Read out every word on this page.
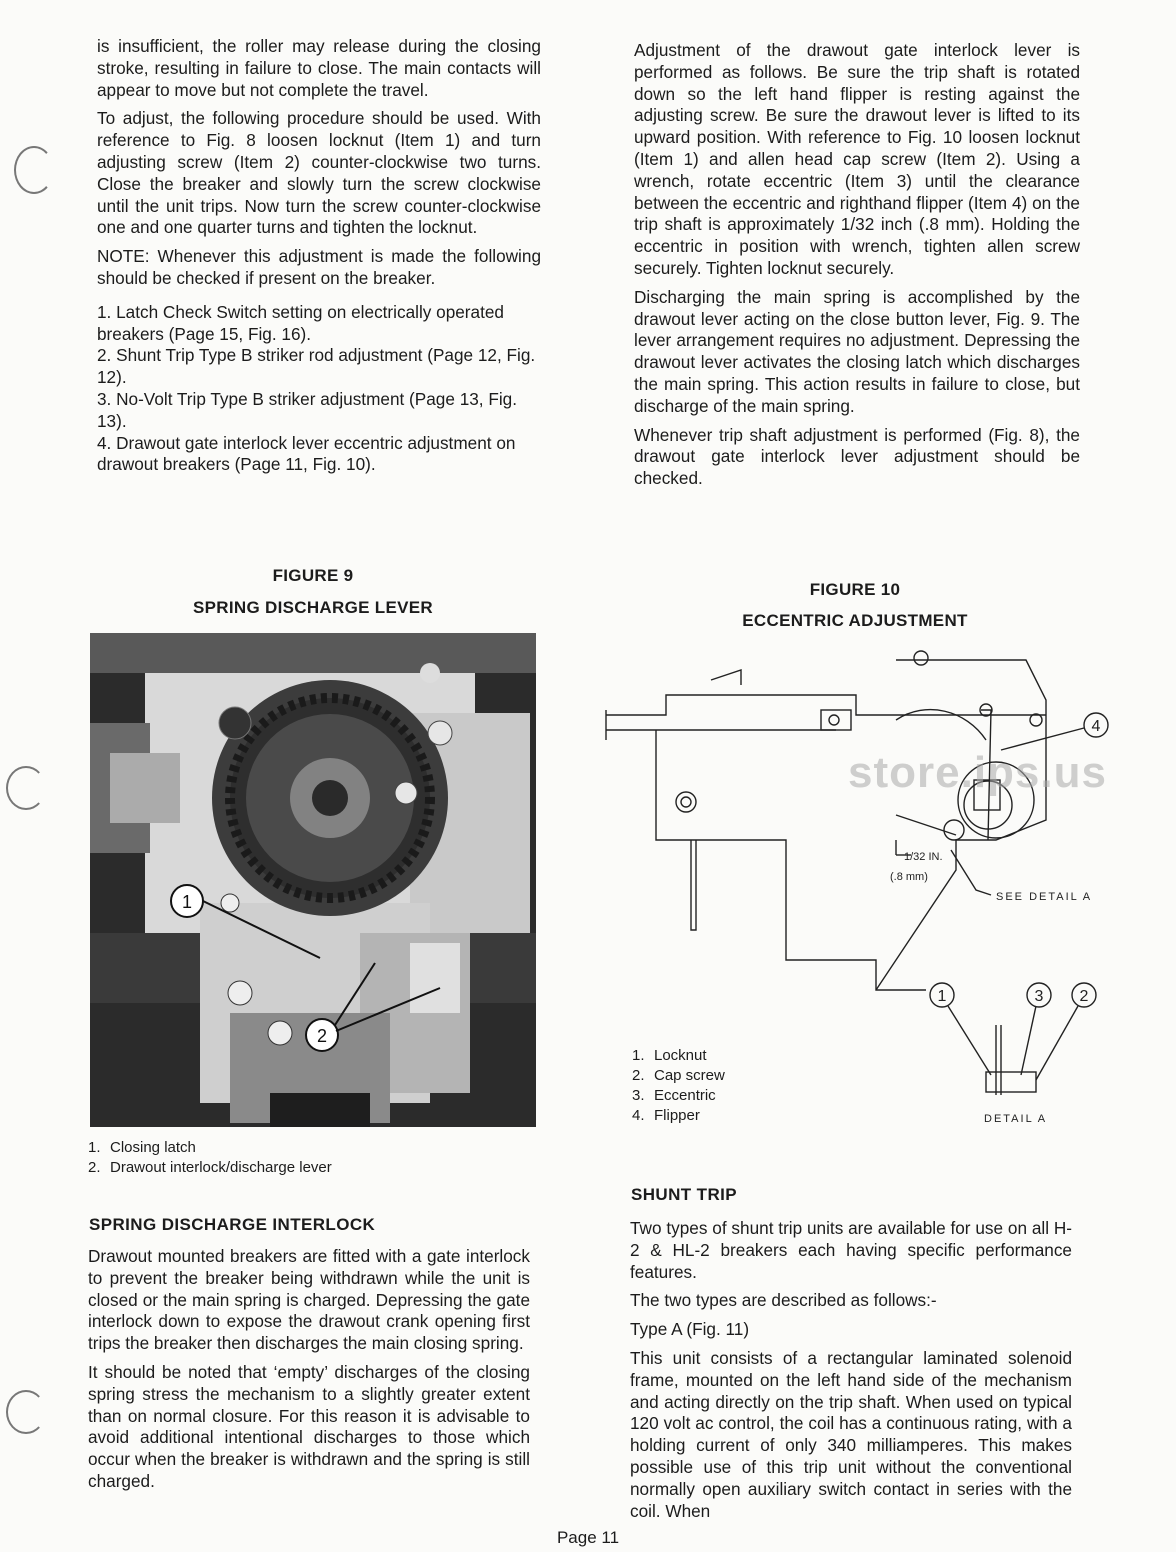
is insufficient, the roller may release during the closing stroke, resulting in failure to close. The main contacts will appear to move but not complete the travel.

To adjust, the following procedure should be used. With reference to Fig. 8 loosen locknut (Item 1) and turn adjusting screw (Item 2) counter-clockwise two turns. Close the breaker and slowly turn the screw clockwise until the unit trips. Now turn the screw counter-clockwise one and one quarter turns and tighten the locknut.

NOTE: Whenever this adjustment is made the following should be checked if present on the breaker.

1. Latch Check Switch setting on electrically operated breakers (Page 15, Fig. 16).

2. Shunt Trip Type B striker rod adjustment (Page 12, Fig. 12).

3. No-Volt Trip Type B striker adjustment (Page 13, Fig. 13).

4. Drawout gate interlock lever eccentric adjustment on drawout breakers (Page 11, Fig. 10).

Adjustment of the drawout gate interlock lever is performed as follows. Be sure the trip shaft is rotated down so the left hand flipper is resting against the adjusting screw. Be sure the drawout lever is lifted to its upward position. With reference to Fig. 10 loosen locknut (Item 1) and allen head cap screw (Item 2). Using a wrench, rotate eccentric (Item 3) until the clearance between the eccentric and righthand flipper (Item 4) on the trip shaft is approximately 1/32 inch (.8 mm). Holding the eccentric in position with wrench, tighten allen screw securely. Tighten locknut securely.

Discharging the main spring is accomplished by the drawout lever acting on the close button lever, Fig. 9. The lever arrangement requires no adjustment. Depressing the drawout lever activates the closing latch which discharges the main spring. This action results in failure to close, but discharge of the main spring.

Whenever trip shaft adjustment is performed (Fig. 8), the drawout gate interlock lever adjustment should be checked.

FIGURE 9
SPRING DISCHARGE LEVER
1
2
1. Closing latch
2. Drawout interlock/discharge lever
FIGURE 10
ECCENTRIC ADJUSTMENT
4
1/32 IN.
(.8 mm)
SEE DETAIL A
1	3 2
DETAIL A
store.ips.us
1. Locknut
2. Cap screw
3. Eccentric
4. Flipper
SPRING DISCHARGE INTERLOCK

Drawout mounted breakers are fitted with a gate interlock to prevent the breaker being withdrawn while the unit is closed or the main spring is charged. Depressing the gate interlock down to expose the drawout crank opening first trips the breaker then discharges the main closing spring.

It should be noted that ‘empty’ discharges of the closing spring stress the mechanism to a slightly greater extent than on normal closure. For this reason it is advisable to avoid additional intentional discharges to those which occur when the breaker is withdrawn and the spring is still charged.

SHUNT TRIP

Two types of shunt trip units are available for use on all H-2 & HL-2 breakers each having specific performance features.

The two types are described as follows:-

Type A (Fig. 11)

This unit consists of a rectangular laminated solenoid frame, mounted on the left hand side of the mechanism and acting directly on the trip shaft. When used on typical 120 volt ac control, the coil has a continuous rating, with a holding current of only 340 milliamperes. This makes possible use of this trip unit without the conventional normally open auxiliary switch contact in series with the coil. When

Page 11
